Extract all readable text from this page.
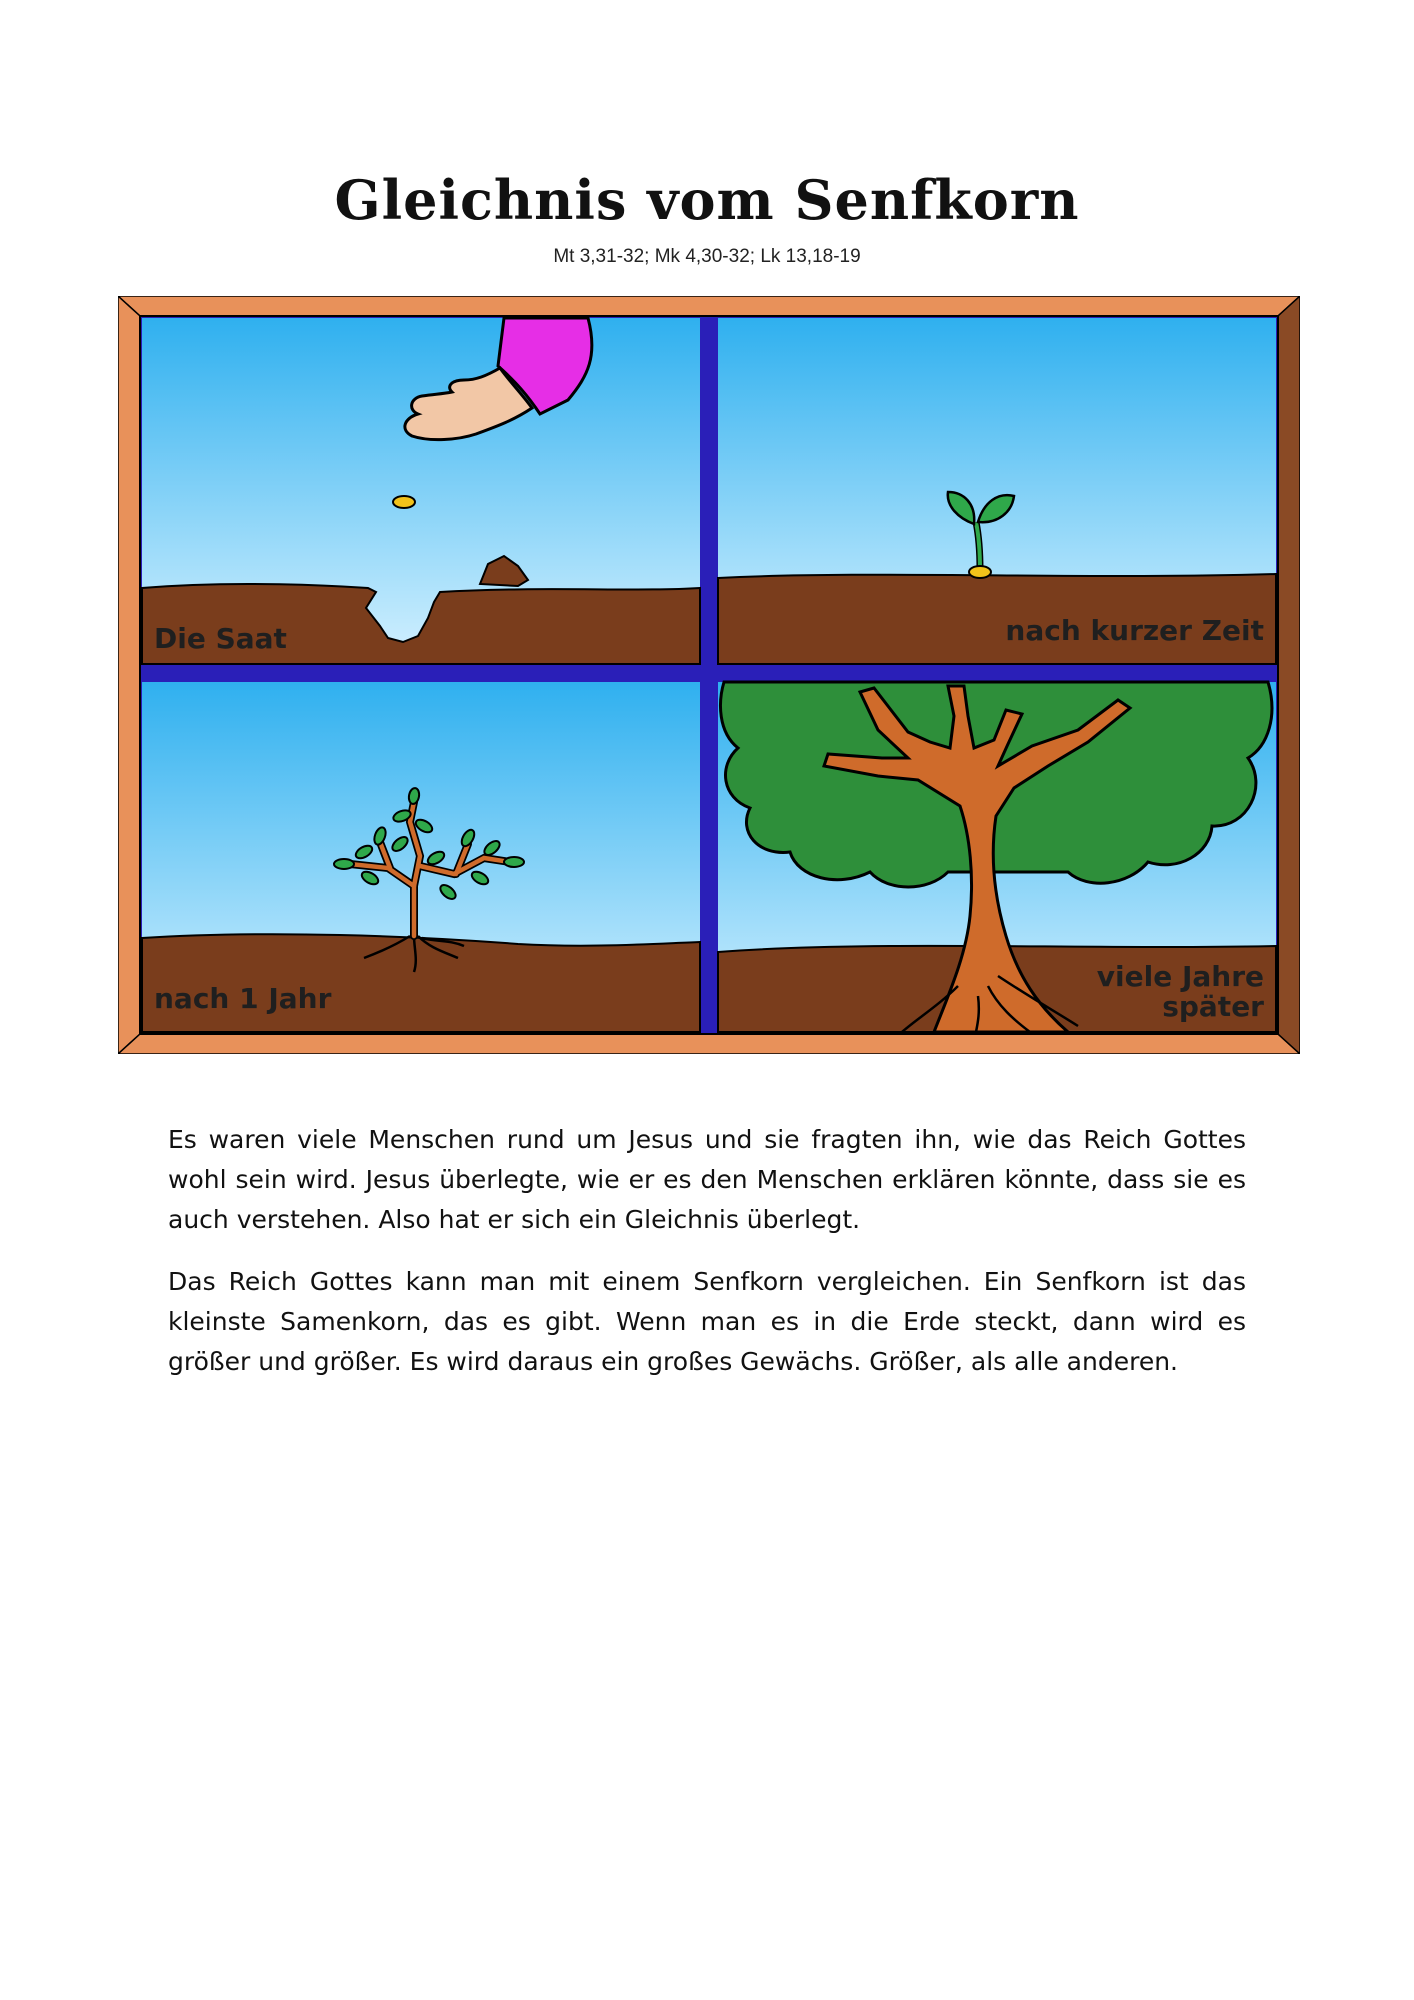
Gleichnis vom Senfkorn
Mt 3,31-32; Mk 4,30-32; Lk 13,18-19
Die Saat	nach kurzer Zeit
nach 1 Jahr
viele Jahre
später

Es waren viele Menschen rund um Jesus und sie fragten ihn, wie das Reich Gottes wohl sein wird. Jesus überlegte, wie er es den Menschen erklären könnte, dass sie es auch verstehen. Also hat er sich ein Gleichnis überlegt.

Das Reich Gottes kann man mit einem Senfkorn vergleichen. Ein Senfkorn ist das kleinste Samenkorn, das es gibt. Wenn man es in die Erde steckt, dann wird es größer und größer. Es wird daraus ein großes Gewächs. Größer, als alle anderen.
